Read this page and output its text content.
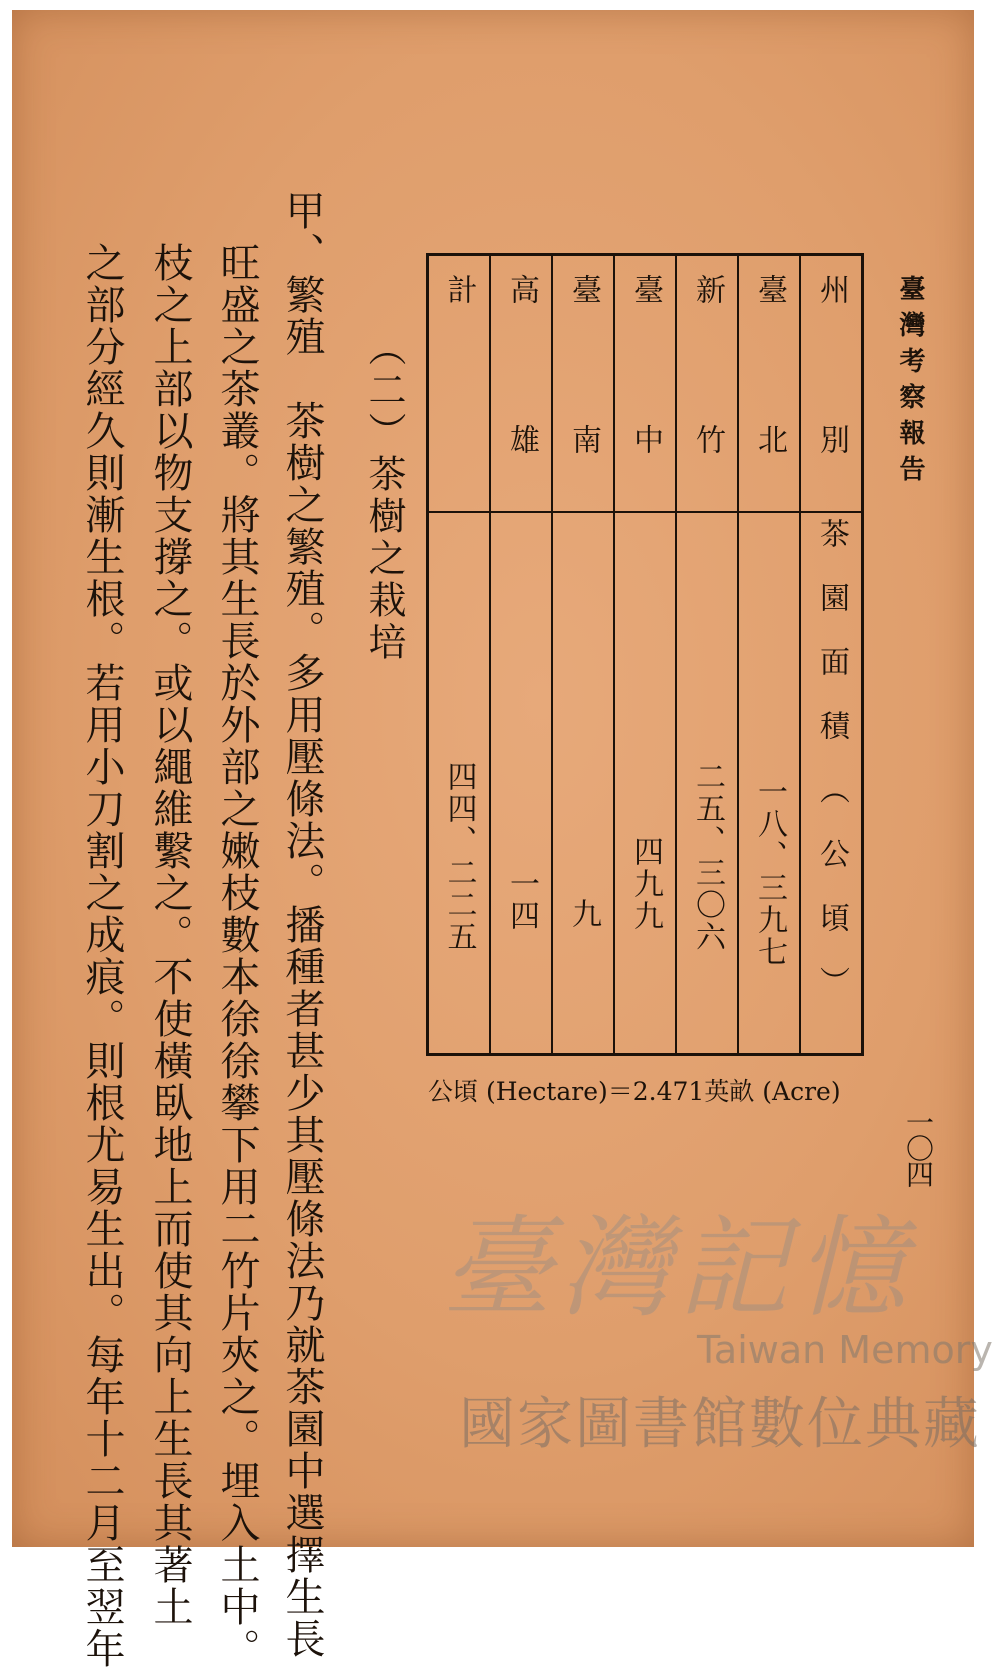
臺灣考察報告
州別
茶園面積（公頃）
臺北
一八、三九七
新竹
二五、三〇六
臺中
四九九
臺南
九
高雄
一四
計
四四、二二五
公頃 (Hectare)＝2.471英畝 (Acre)
一〇四
（二）茶樹之栽培
甲、繁殖　茶樹之繁殖。多用壓條法。播種者甚少其壓條法乃就茶園中選擇生長
旺盛之茶叢。將其生長於外部之嫩枝數本徐徐攀下用二竹片夾之。埋入土中。
枝之上部以物支撐之。或以繩維繫之。不使橫臥地上而使其向上生長其著土
之部分經久則漸生根。若用小刀割之成痕。則根尤易生出。每年十二月至翌年	臺灣記憶
Taiwan Memory
國家圖書館數位典藏
